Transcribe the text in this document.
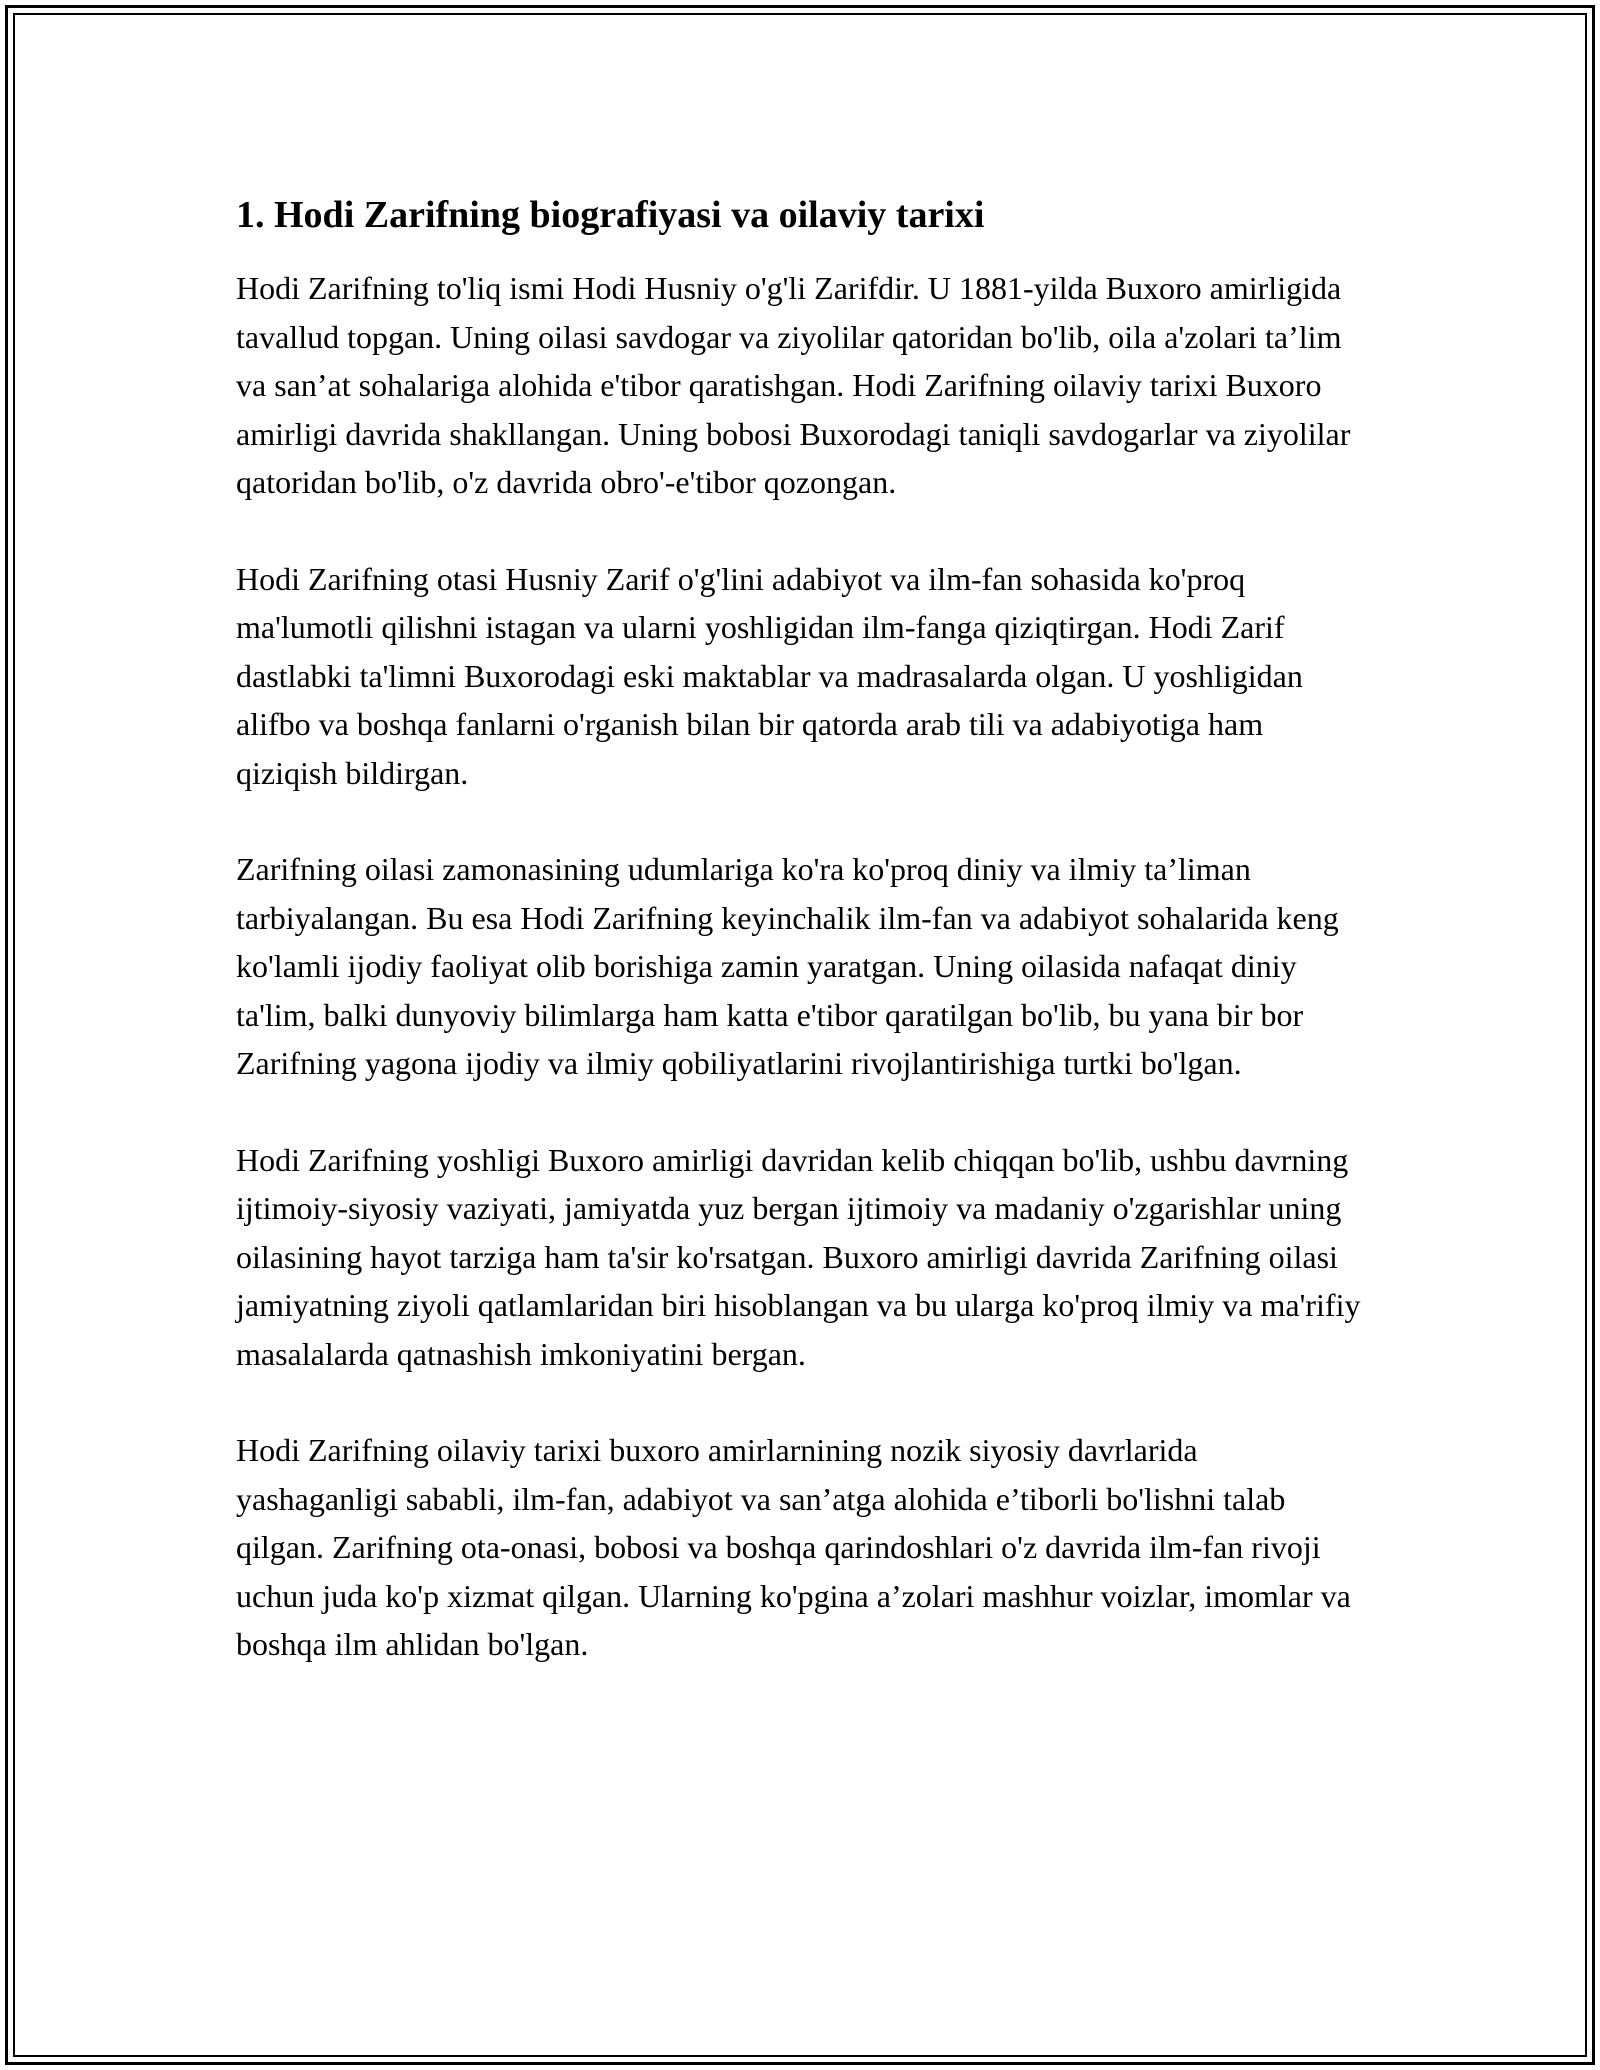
1. Hodi Zarifning biografiyasi va oilaviy tarixi

Hodi Zarifning to'liq ismi Hodi Husniy o'g'li Zarifdir. U 1881-yilda Buxoro amirligida tavallud topgan. Uning oilasi savdogar va ziyolilar qatoridan bo'lib, oila a'zolari ta’lim va san’at sohalariga alohida e'tibor qaratishgan. Hodi Zarifning oilaviy tarixi Buxoro amirligi davrida shakllangan. Uning bobosi Buxorodagi taniqli savdogarlar va ziyolilar qatoridan bo'lib, o'z davrida obro'-e'tibor qozongan.

Hodi Zarifning otasi Husniy Zarif o'g'lini adabiyot va ilm-fan sohasida ko'proq ma'lumotli qilishni istagan va ularni yoshligidan ilm-fanga qiziqtirgan. Hodi Zarif dastlabki ta'limni Buxorodagi eski maktablar va madrasalarda olgan. U yoshligidan alifbo va boshqa fanlarni o'rganish bilan bir qatorda arab tili va adabiyotiga ham qiziqish bildirgan.

Zarifning oilasi zamonasining udumlariga ko'ra ko'proq diniy va ilmiy ta’liman tarbiyalangan. Bu esa Hodi Zarifning keyinchalik ilm-fan va adabiyot sohalarida keng ko'lamli ijodiy faoliyat olib borishiga zamin yaratgan. Uning oilasida nafaqat diniy ta'lim, balki dunyoviy bilimlarga ham katta e'tibor qaratilgan bo'lib, bu yana bir bor Zarifning yagona ijodiy va ilmiy qobiliyatlarini rivojlantirishiga turtki bo'lgan.

Hodi Zarifning yoshligi Buxoro amirligi davridan kelib chiqqan bo'lib, ushbu davrning ijtimoiy-siyosiy vaziyati, jamiyatda yuz bergan ijtimoiy va madaniy o'zgarishlar uning oilasining hayot tarziga ham ta'sir ko'rsatgan. Buxoro amirligi davrida Zarifning oilasi jamiyatning ziyoli qatlamlaridan biri hisoblangan va bu ularga ko'proq ilmiy va ma'rifiy masalalarda qatnashish imkoniyatini bergan.

Hodi Zarifning oilaviy tarixi buxoro amirlarnining nozik siyosiy davrlarida yashaganligi sababli, ilm-fan, adabiyot va san’atga alohida e’tiborli bo'lishni talab qilgan. Zarifning ota-onasi, bobosi va boshqa qarindoshlari o'z davrida ilm-fan rivoji uchun juda ko'p xizmat qilgan. Ularning ko'pgina a’zolari mashhur voizlar, imomlar va boshqa ilm ahlidan bo'lgan.
